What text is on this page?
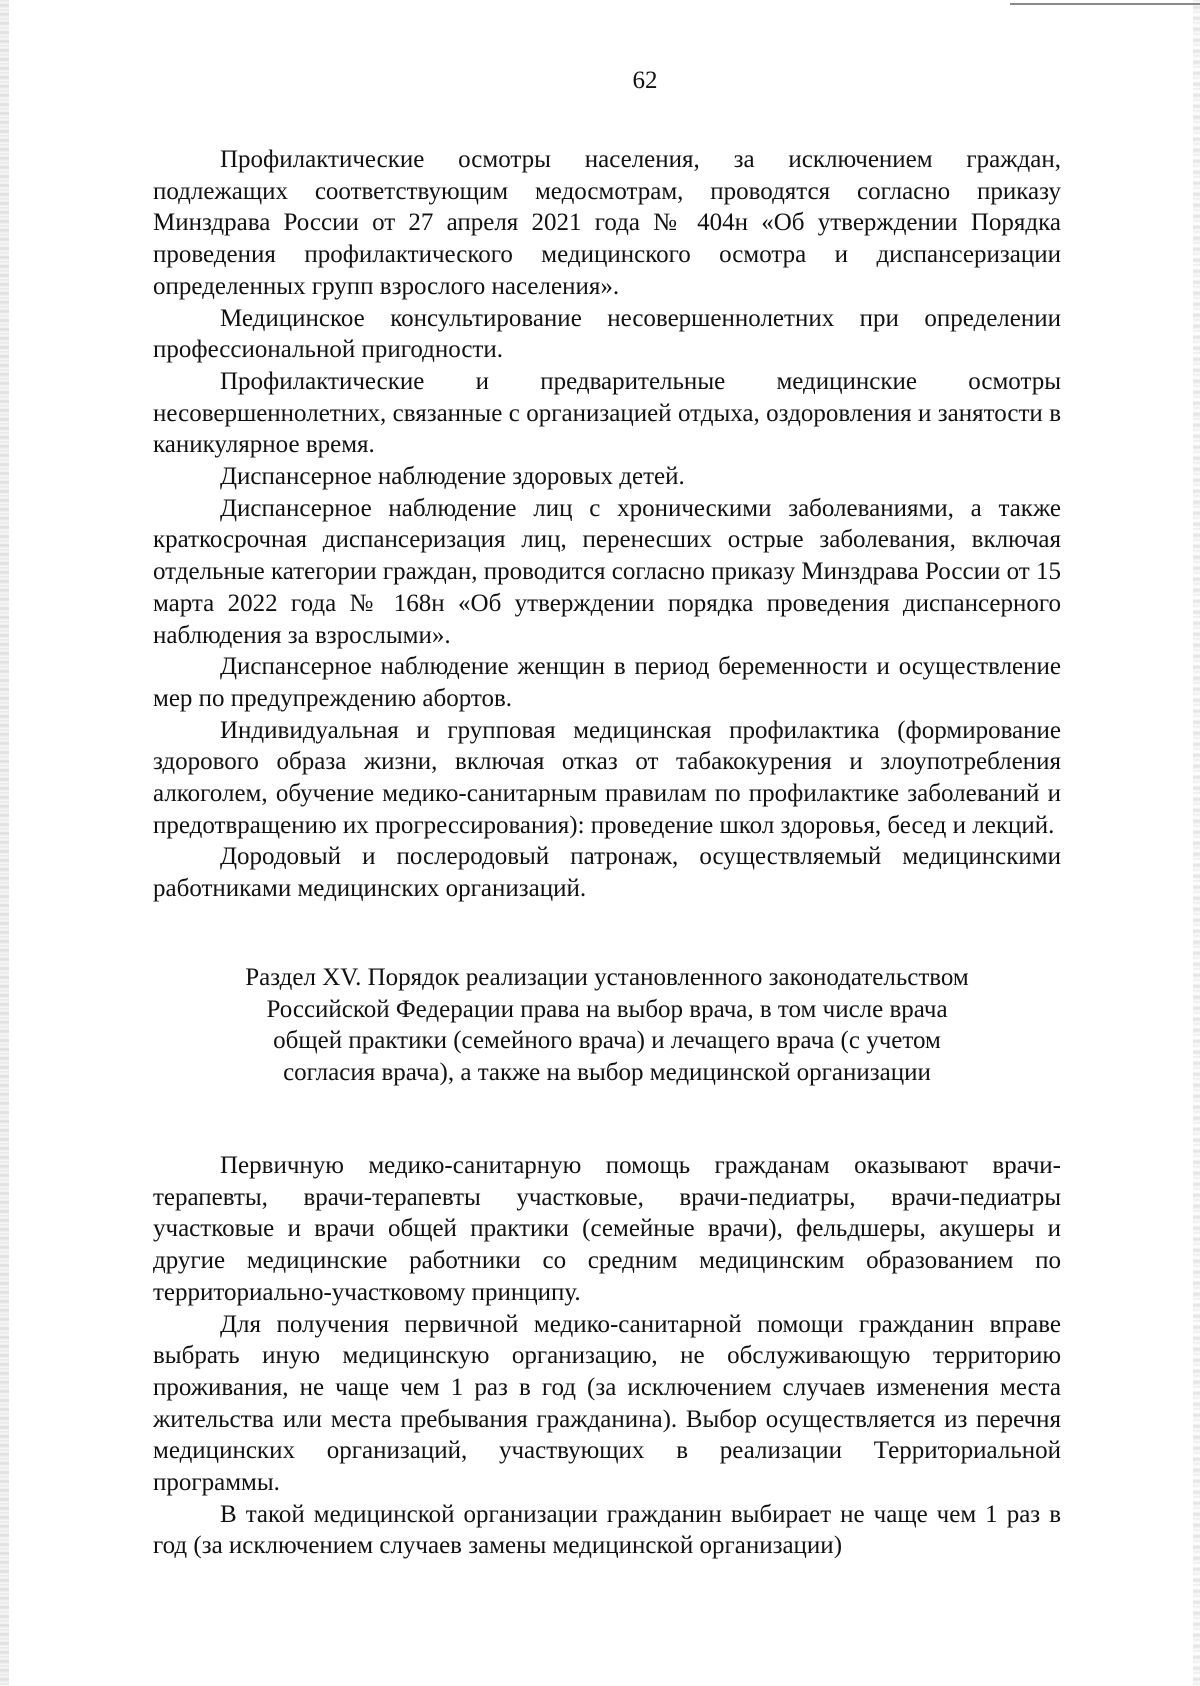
62

Профилактические осмотры населения, за исключением граждан, подлежащих соответствующим медосмотрам, проводятся согласно приказу Минздрава России от 27 апреля 2021 года № 404н «Об утверждении Порядка проведения профилактического медицинского осмотра и диспансеризации определенных групп взрослого населения».

Медицинское консультирование несовершеннолетних при определении профессиональной пригодности.

Профилактические и предварительные медицинские осмотры несовершеннолетних, связанные с организацией отдыха, оздоровления и занятости в каникулярное время.

Диспансерное наблюдение здоровых детей.

Диспансерное наблюдение лиц с хроническими заболеваниями, а также краткосрочная диспансеризация лиц, перенесших острые заболевания, включая отдельные категории граждан, проводится согласно приказу Минздрава России от 15 марта 2022 года № 168н «Об утверждении порядка проведения диспансерного наблюдения за взрослыми».

Диспансерное наблюдение женщин в период беременности и осуществление мер по предупреждению абортов.

Индивидуальная и групповая медицинская профилактика (формирование здорового образа жизни, включая отказ от табакокурения и злоупотребления алкоголем, обучение медико-санитарным правилам по профилактике заболеваний и предотвращению их прогрессирования): проведение школ здоровья, бесед и лекций.

Дородовый и послеродовый патронаж, осуществляемый медицинскими работниками медицинских организаций.

Раздел XV. Порядок реализации установленного законодательством
Российской Федерации права на выбор врача, в том числе врача
общей практики (семейного врача) и лечащего врача (с учетом
согласия врача), а также на выбор медицинской организации

Первичную медико-санитарную помощь гражданам оказывают врачи-терапевты, врачи-терапевты участковые, врачи-педиатры, врачи-педиатры участковые и врачи общей практики (семейные врачи), фельдшеры, акушеры и другие медицинские работники со средним медицинским образованием по территориально-участковому принципу.

Для получения первичной медико-санитарной помощи гражданин вправе выбрать иную медицинскую организацию, не обслуживающую территорию проживания, не чаще чем 1 раз в год (за исключением случаев изменения места жительства или места пребывания гражданина). Выбор осуществляется из перечня медицинских организаций, участвующих в реализации Территориальной программы.

В такой медицинской организации гражданин выбирает не чаще чем 1 раз в год (за исключением случаев замены медицинской организации)
